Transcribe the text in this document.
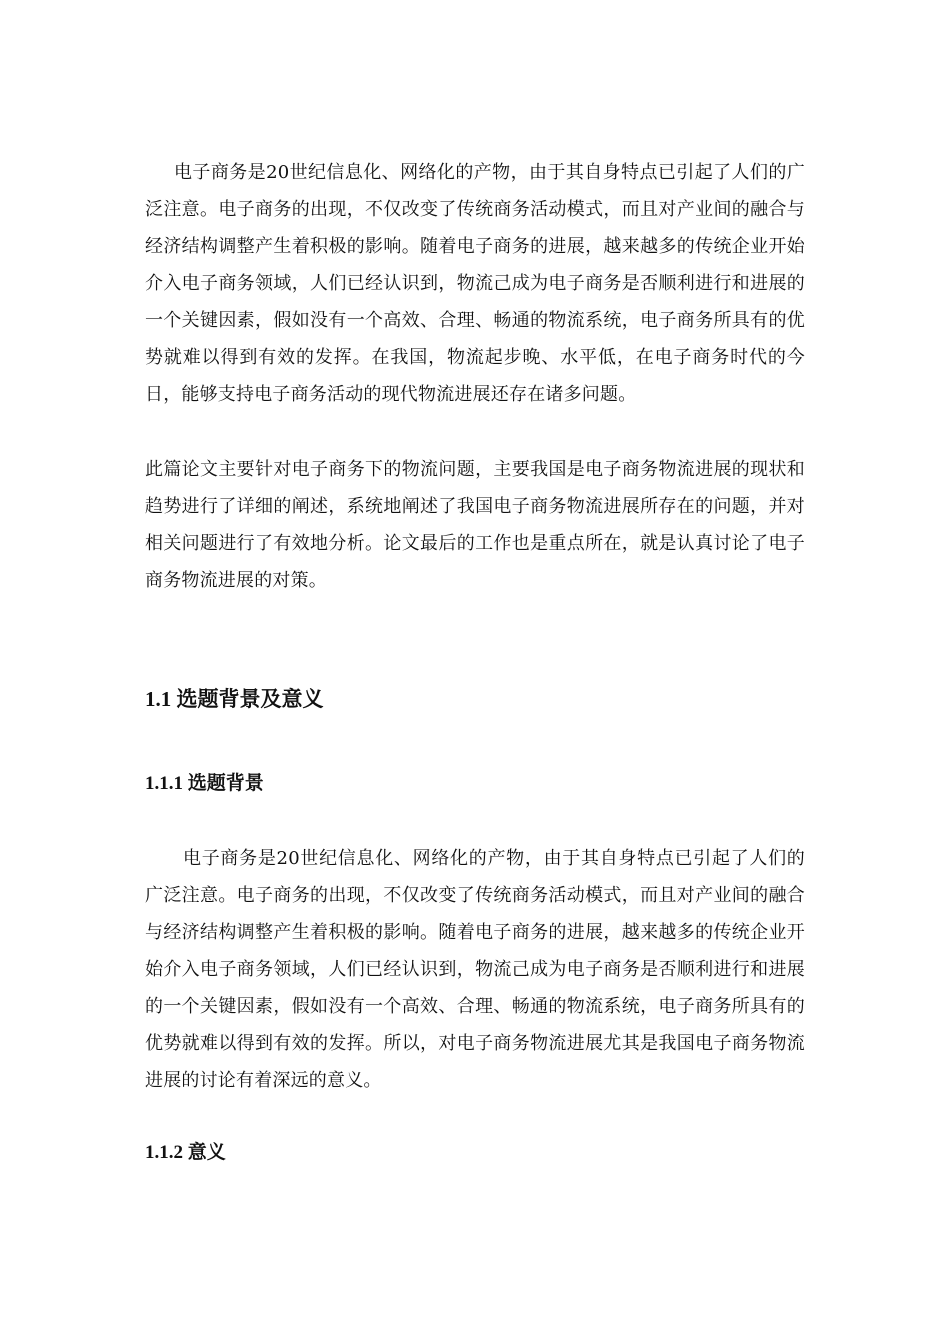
电子商务是20世纪信息化、网络化的产物，由于其自身特点已引起了人们的广泛注意。电子商务的出现，不仅改变了传统商务活动模式，而且对产业间的融合与经济结构调整产生着积极的影响。随着电子商务的进展，越来越多的传统企业开始介入电子商务领域，人们已经认识到，物流己成为电子商务是否顺利进行和进展的一个关键因素，假如没有一个高效、合理、畅通的物流系统，电子商务所具有的优势就难以得到有效的发挥。在我国，物流起步晚、水平低，在电子商务时代的今日，能够支持电子商务活动的现代物流进展还存在诸多问题。

此篇论文主要针对电子商务下的物流问题，主要我国是电子商务物流进展的现状和趋势进行了详细的阐述，系统地阐述了我国电子商务物流进展所存在的问题，并对相关问题进行了有效地分析。论文最后的工作也是重点所在，就是认真讨论了电子商务物流进展的对策。

1.1 选题背景及意义
1.1.1 选题背景

电子商务是20世纪信息化、网络化的产物，由于其自身特点已引起了人们的广泛注意。电子商务的出现，不仅改变了传统商务活动模式，而且对产业间的融合与经济结构调整产生着积极的影响。随着电子商务的进展，越来越多的传统企业开始介入电子商务领域，人们已经认识到，物流己成为电子商务是否顺利进行和进展的一个关键因素，假如没有一个高效、合理、畅通的物流系统，电子商务所具有的优势就难以得到有效的发挥。所以，对电子商务物流进展尤其是我国电子商务物流进展的讨论有着深远的意义。

1.1.2 意义
